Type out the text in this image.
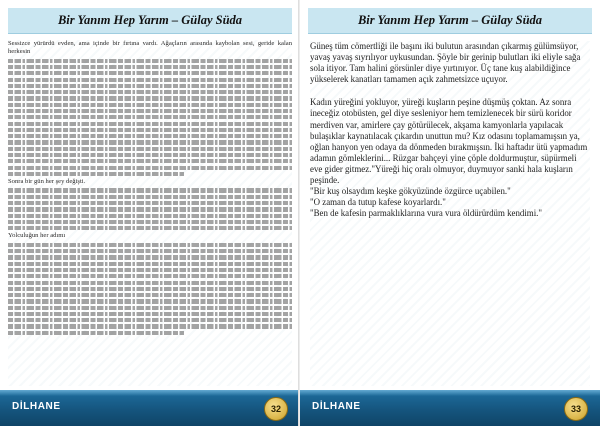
Bir Yanım Hep Yarım – Gülay Süda

Sessizce yürürdü evden, ama içinde bir fırtına vardı. Ağaçların arasında kaybolan sesi, geride kalan herkesin

Sonra bir gün her şey değişti.

Yolculuğun her adımı

DİLHANE	32
Bir Yanım Hep Yarım – Gülay Süda

Güneş tüm cömertliği ile başını iki bulutun arasından çıkarmış gülümsüyor, yavaş yavaş sıyrılıyor uykusundan. Şöyle bir gerinip bulutları iki eliyle sağa sola itiyor. Tam halini görsünler diye yırtınıyor. Üç tane kuş alabildiğince yükselerek kanatları tamamen açık zahmetsizce uçuyor.

Kadın yüreğini yokluyor, yüreği kuşların peşine düşmüş çoktan. Az sonra ineceğiz otobüsten, gel diye sesleniyor hem temizlenecek bir sürü koridor merdiven var, amirlere çay götürülecek, akşama kamyonlarla yapılacak bulaşıklar kaynatılacak çıkardın unuttun mu? Kız odasını toplamamışsın ya, oğlan hanyon yen odaya da dönmeden bırakmışsın. İki haftadır ütü yapmadım adamın gömleklerini... Rüzgar bahçeyi yine çöple doldurmuştur, süpürmeli eve gider gitmez."Yüreği hiç oralı olmuyor, duymuyor sanki hala kuşların peşinde.

"Bir kuş olsaydım keşke gökyüzünde özgürce uçabilen."

"O zaman da tutup kafese koyarlardı."

"Ben de kafesin parmaklıklarına vura vura öldürürdüm kendimi."

DİLHANE	33
